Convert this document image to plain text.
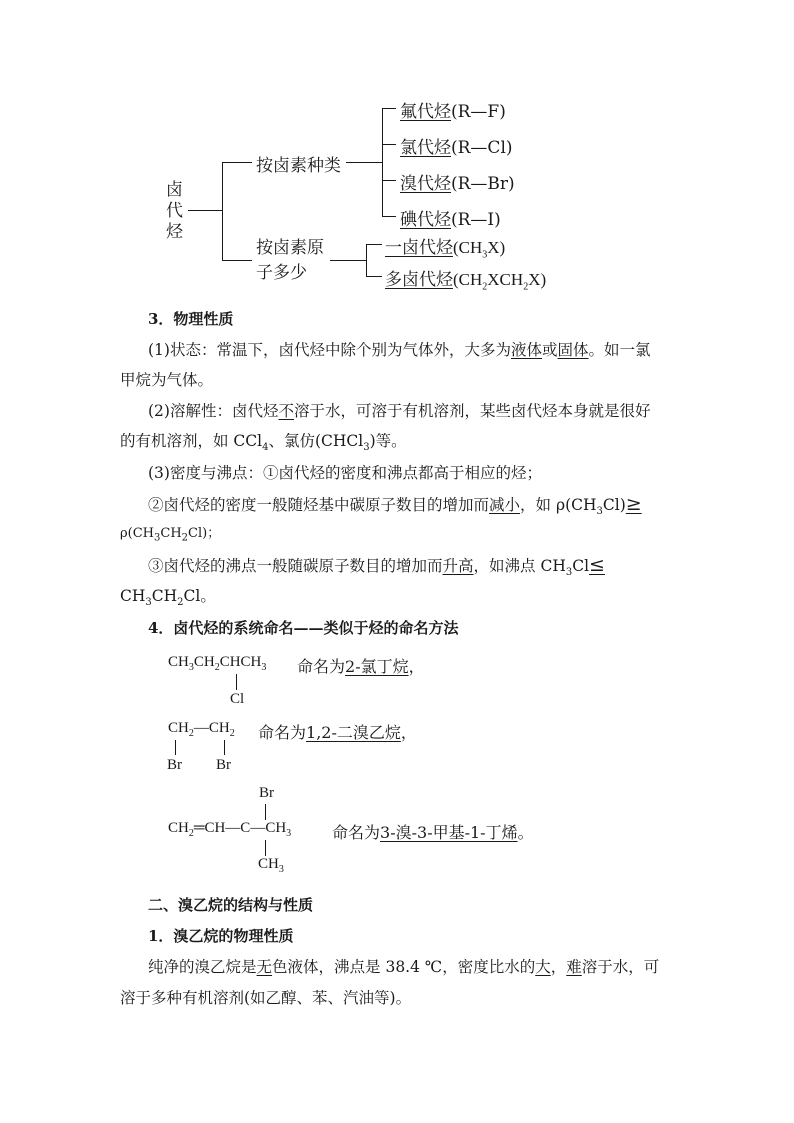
卤
代
烃
按卤素种类
氟代烃(R—F)
氯代烃(R—Cl)
溴代烃(R—Br)
碘代烃(R—I)
按卤素原
子多少
一卤代烃$(CH_3X)$
多卤代烃$(CH_2XCH_2X)$
3．物理性质
(1)状态：常温下，卤代烃中除个别为气体外，大多为液体或固体。如一氯
甲烷为气体。
(2)溶解性：卤代烃不溶于水，可溶于有机溶剂，某些卤代烃本身就是很好
的有机溶剂，如 CCl$_4$、氯仿(CHCl$_3$)等。
(3)密度与沸点：①卤代烃的密度和沸点都高于相应的烃；
②卤代烃的密度一般随烃基中碳原子数目的增加而减小，如 $\rho(CH_3Cl)\ge$
$\rho(CH_3CH_2Cl)$；
③卤代烃的沸点一般随碳原子数目的增加而升高，如沸点 $CH_3Cl\le$
$CH_3CH_2Cl$。
4．卤代烃的系统命名——类似于烃的命名方法
$CH_3CH_2CHCH_3$
Cl
命名为2-氯丁烷，
$CH_2—CH_2$
Br Br
命名为1,2-二溴乙烷，
Br
$CH_2═CH—C—CH_3$
$CH_3$
命名为3-溴-3-甲基-1-丁烯。
二、溴乙烷的结构与性质
1．溴乙烷的物理性质
纯净的溴乙烷是无色液体，沸点是 38.4 ℃，密度比水的大，难溶于水，可
溶于多种有机溶剂(如乙醇、苯、汽油等)。
